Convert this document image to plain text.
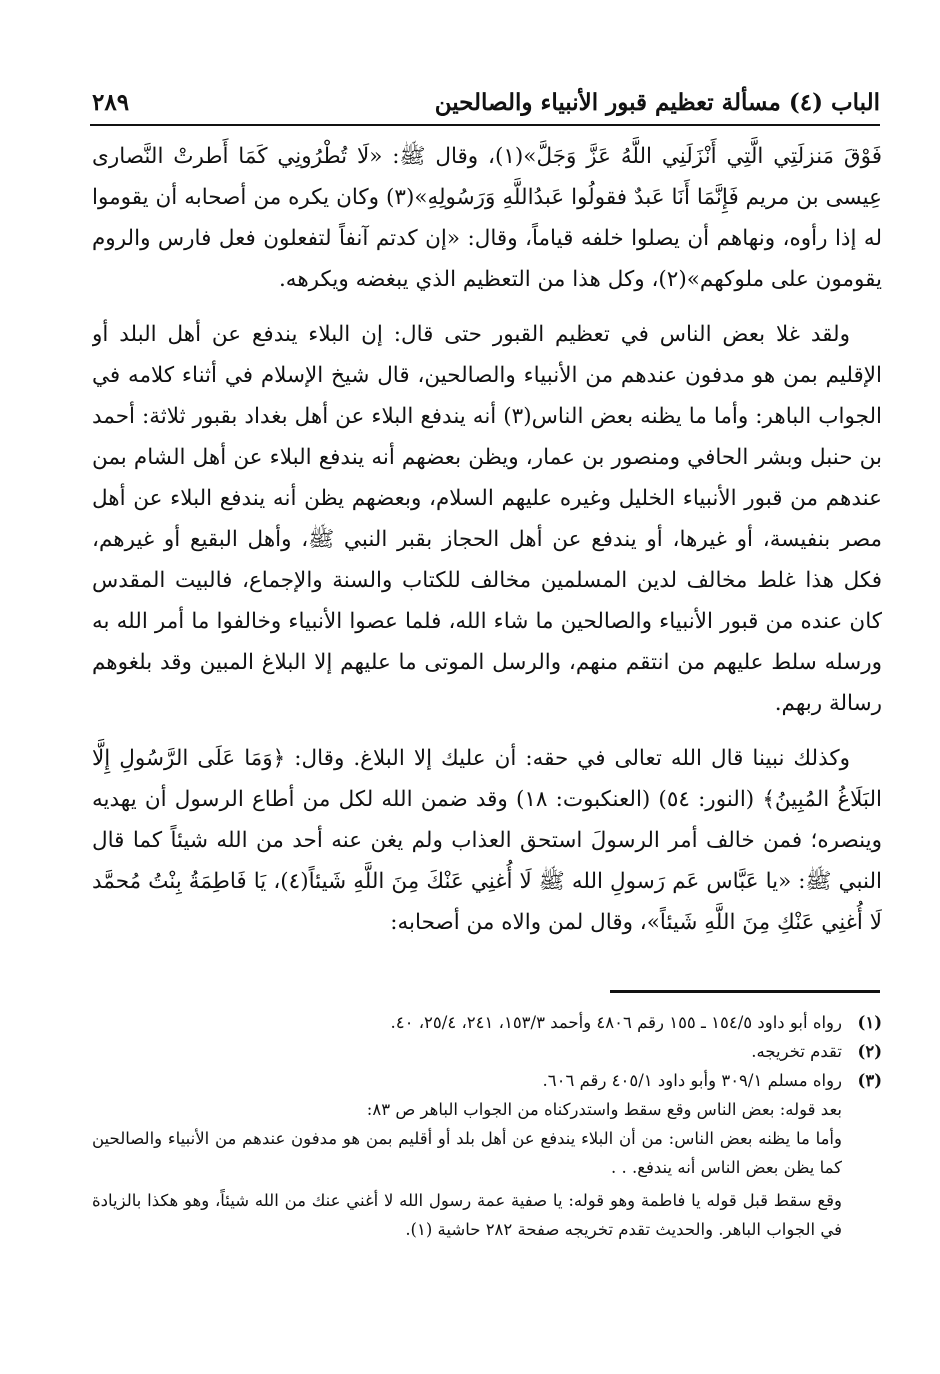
الباب (٤) مسألة تعظيم قبور الأنبياء والصالحين
٢٨٩

فَوْقَ مَنزلَتِي الَّتِي أَنْزَلَنِي اللَّهُ عَزَّ وَجَلَّ»(١)، وقال ﷺ: «لَا تُطْرُونِي كَمَا أَطرتْ النَّصارى عِيسى بن مريم فَإِنَّمَا أَنَا عَبدٌ فقولُوا عَبدُاللَّهِ وَرَسُولِهِ»(٣) وكان يكره من أصحابه أن يقوموا له إذا رأوه، ونهاهم أن يصلوا خلفه قياماً، وقال: «إن كدتم آنفاً لتفعلون فعل فارس والروم يقومون على ملوكهم»(٢)، وكل هذا من التعظيم الذي يبغضه ويكرهه.

ولقد غلا بعض الناس في تعظيم القبور حتى قال: إن البلاء يندفع عن أهل البلد أو الإقليم بمن هو مدفون عندهم من الأنبياء والصالحين، قال شيخ الإسلام في أثناء كلامه في الجواب الباهر: وأما ما يظنه بعض الناس(٣) أنه يندفع البلاء عن أهل بغداد بقبور ثلاثة: أحمد بن حنبل وبشر الحافي ومنصور بن عمار، ويظن بعضهم أنه يندفع البلاء عن أهل الشام بمن عندهم من قبور الأنبياء الخليل وغيره عليهم السلام، وبعضهم يظن أنه يندفع البلاء عن أهل مصر بنفيسة، أو غيرها، أو يندفع عن أهل الحجاز بقبر النبي ﷺ، وأهل البقيع أو غيرهم، فكل هذا غلط مخالف لدين المسلمين مخالف للكتاب والسنة والإجماع، فالبيت المقدس كان عنده من قبور الأنبياء والصالحين ما شاء الله، فلما عصوا الأنبياء وخالفوا ما أمر الله به ورسله سلط عليهم من انتقم منهم، والرسل الموتى ما عليهم إلا البلاغ المبين وقد بلغوهم رسالة ربهم.

وكذلك نبينا قال الله تعالى في حقه: أن عليك إلا البلاغ. وقال: ﴿وَمَا عَلَى الرَّسُولِ إِلَّا البَلَاغُ المُبِينُ﴾ (النور: ٥٤) (العنكبوت: ١٨) وقد ضمن الله لكل من أطاع الرسول أن يهديه وينصره؛ فمن خالف أمر الرسولَ استحق العذاب ولم يغن عنه أحد من الله شيئاً كما قال النبي ﷺ: «يا عَبَّاس عَم رَسولِ الله ﷺ لَا أُغنِي عَنْكَ مِنَ اللَّهِ شَيئاً(٤)، يَا فَاطِمَةُ بِنْتُ مُحمَّد لَا أُغنِي عَنْكِ مِنَ اللَّهِ شَيئاً»، وقال لمن والاه من أصحابه:

(١)
رواه أبو داود ١٥٤/٥ ـ ١٥٥ رقم ٤٨٠٦ وأحمد ١٥٣/٣، ٢٤١، ٢٥/٤، ٤٠.
(٢)
تقدم تخريجه.
(٣)
رواه مسلم ٣٠٩/١ وأبو داود ٤٠٥/١ رقم ٦٠٦.

بعد قوله: بعض الناس وقع سقط واستدركناه من الجواب الباهر ص ٨٣:

وأما ما يظنه بعض الناس: من أن البلاء يندفع عن أهل بلد أو أقليم بمن هو مدفون عندهم من الأنبياء والصالحين كما يظن بعض الناس أنه يندفع. . .

وقع سقط قبل قوله يا فاطمة وهو قوله: يا صفية عمة رسول الله لا أغني عنك من الله شيئاً، وهو هكذا بالزيادة في الجواب الباهر. والحديث تقدم تخريجه صفحة ٢٨٢ حاشية (١).
